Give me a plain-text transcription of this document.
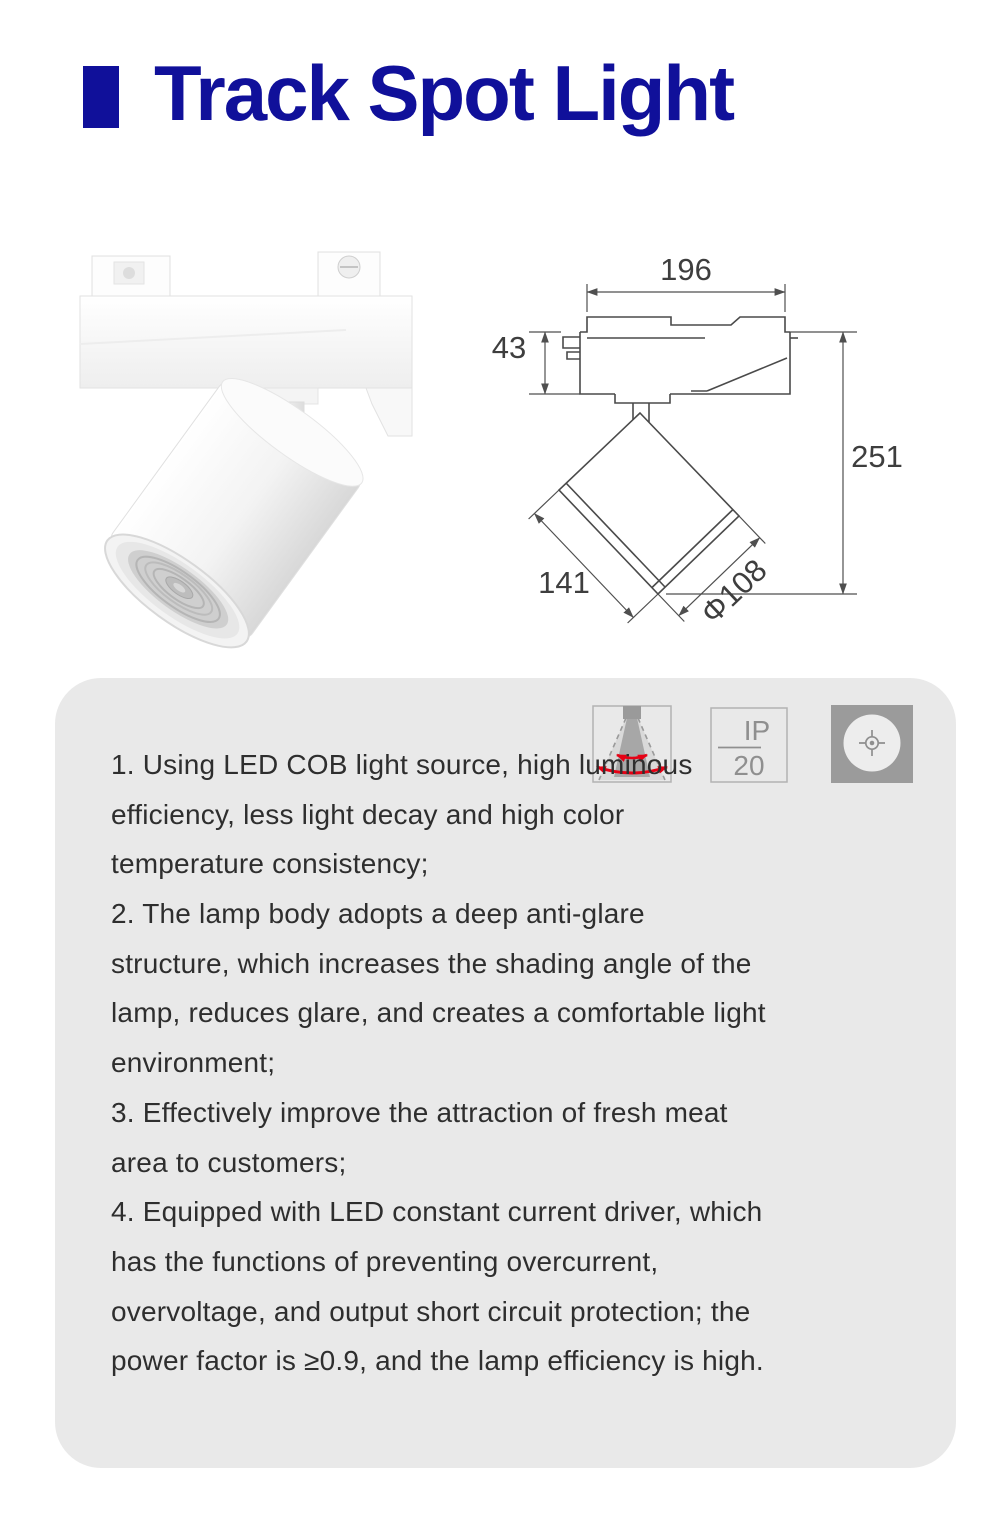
Track Spot Light
196
43
251
141	Φ108
IP
20
1. Using LED COB light source, high luminous
efficiency, less light decay and high color
temperature consistency;
2. The lamp body adopts a deep anti-glare
structure, which increases the shading angle of the
lamp, reduces glare, and creates a comfortable light
environment;
3. Effectively improve the attraction of fresh meat
area to customers;
4. Equipped with LED constant current driver, which
has the functions of preventing overcurrent,
overvoltage, and output short circuit protection; the
power factor is ≥0.9, and the lamp efficiency is high.
